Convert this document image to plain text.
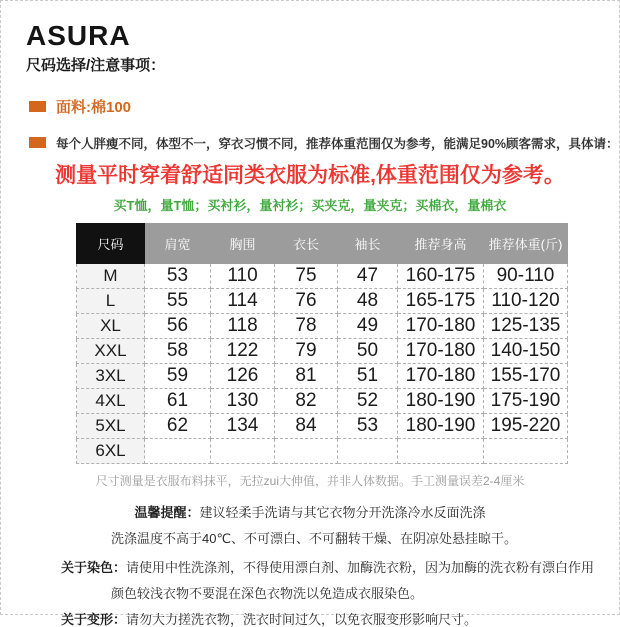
ASURA
尺码选择/注意事项：
面料:棉100
每个人胖瘦不同，体型不一，穿衣习惯不同，推荐体重范围仅为参考，能满足90%顾客需求，具体请：
测量平时穿着舒适同类衣服为标准,体重范围仅为参考。
买T恤，量T恤；买衬衫，量衬衫；买夹克，量夹克；买棉衣，量棉衣
尺码	肩宽	胸围	衣长	袖长	推荐身高	推荐体重(斤)
M	53	110	75	47	160-175	90-110
L	55	114	76	48	165-175	110-120
XL	56	118	78	49	170-180	125-135
XXL	58	122	79	50	170-180	140-150
3XL	59	126	81	51	170-180	155-170
4XL	61	130	82	52	180-190	175-190
5XL	62	134	84	53	180-190	195-220
6XL						
尺寸测量是衣服布料抹平，无拉zui大伸值，并非人体数据。手工测量误差2-4厘米
温馨提醒：建议轻柔手洗请与其它衣物分开洗涤冷水反面洗涤
洗涤温度不高于40℃、不可漂白、不可翻转干燥、在阴凉处悬挂晾干。
关于染色：请使用中性洗涤剂，不得使用漂白剂、加酶洗衣粉，因为加酶的洗衣粉有漂白作用
颜色较浅衣物不要混在深色衣物洗以免造成衣服染色。
关于变形：请勿大力搓洗衣物，洗衣时间过久，以免衣服变形影响尺寸。
